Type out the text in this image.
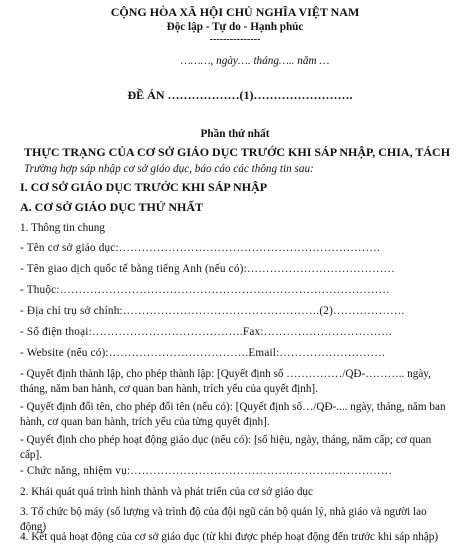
CỘNG HÒA XÃ HỘI CHỦ NGHĨA VIỆT NAM
Độc lập - Tự do - Hạnh phúc
---------------
………, ngày…. tháng….. năm …
ĐỀ ÁN ………………(1)…………………….
Phần thứ nhất
THỰC TRẠNG CỦA CƠ SỞ GIÁO DỤC TRƯỚC KHI SÁP NHẬP, CHIA, TÁCH
Trường hợp sáp nhập cơ sở giáo dục, báo cáo các thông tin sau:
I. CƠ SỞ GIÁO DỤC TRƯỚC KHI SÁP NHẬP
A. CƠ SỞ GIÁO DỤC THỨ NHẤT
1. Thông tin chung
- Tên cơ sở giáo dục:……………………………………………………………
- Tên giao dịch quốc tế bằng tiếng Anh (nếu có):…………………………………
- Thuộc:……………………………………………………………………………
- Địa chỉ trụ sở chính:…………………………………………….(2)……………….
- Số điện thoại:………………………………….Fax:…………………………….
- Website (nếu có):……………………………….Email:……………………….
- Quyết định thành lập, cho phép thành lập: [Quyết định số ……………/QĐ-……….. ngày, tháng, năm ban hành, cơ quan ban hành, trích yếu của quyết định].
- Quyết định đổi tên, cho phép đổi tên (nếu có): [Quyết định số…/QĐ-.... ngày, tháng, năm ban hành, cơ quan ban hành, trích yếu của từng quyết định].
- Quyết định cho phép hoạt động giáo dục (nếu có): [số hiệu, ngày, tháng, năm cấp; cơ quan cấp].
- Chức năng, nhiệm vụ:……………………………………………………………
2. Khái quát quá trình hình thành và phát triển của cơ sở giáo dục
3. Tổ chức bộ máy (số lượng và trình độ của đội ngũ cán bộ quản lý, nhà giáo và người lao động)
4. Kết quả hoạt động của cơ sở giáo dục (từ khi được phép hoạt động đến trước khi sáp nhập)
